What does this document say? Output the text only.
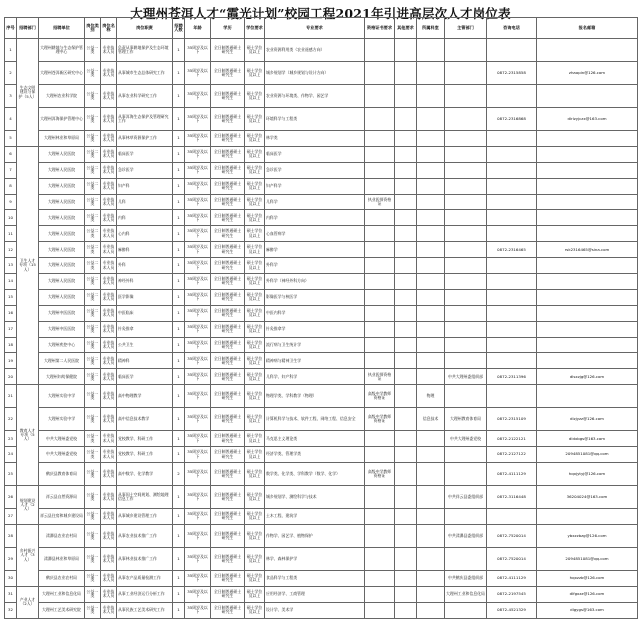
大理州苍洱人才“霞光计划”校园工程2021年引进高层次人才岗位表
序号	招聘部门	招聘单位	岗位类别	岗位名称	岗位职责	招聘人数	年龄	学历	学位要求	专业要求	资格证书要求	其他要求	所属科室	主管部门	咨询电话	报名邮箱
1	生态文明建设与保护（5人）	大理州耕地与生态保护管理中心	公益一类	专业技术人员	负责从事耕地保护及生态环境管理工作	1	35周岁及以下	全日制普通硕士研究生	硕士学位及以上	农业资源利用类（农业遥感方向）						
2		大理州苍洱新区研究中心	公益一类	专业技术人员	从事城市生态总体研究工作	1	35周岁及以下	全日制普通硕士研究生	硕士学位及以上	城乡规划学（城乡规划与设计方向）					0872-2315858	zhaopin@126.com
3		大理州农业科学院	公益一类	专业技术人员	从事农业科学研究工作	1	35周岁及以下	全日制普通硕士研究生	硕士学位及以上	农业资源与环境类、作物学、园艺学						
4		大理州洱海保护管理中心	公益一类	专业技术人员	从事洱海生态保护及管理研究工作	1	35周岁及以下	全日制普通硕士研究生	硕士学位及以上	环境科学与工程类					0872-2316868	dlrlzyjczx@163.com
5		大理州林业和草原局	公益一类	专业技术人员	从事林草资源保护工作	1	35周岁及以下	全日制普通硕士研究生	硕士学位及以上	林学类						
6	卫生人才专项（15人）	大理州人民医院	公益二类	专业技术人员	临床医学	1	35周岁及以下	全日制普通硕士研究生	硕士学位及以上	临床医学						
7		大理州人民医院	公益二类	专业技术人员	急诊医学	1	35周岁及以下	全日制普通硕士研究生	硕士学位及以上	急诊医学						
8		大理州人民医院	公益二类	专业技术人员	妇产科	1	35周岁及以下	全日制普通硕士研究生	硕士学位及以上	妇产科学						
9		大理州人民医院	公益二类	专业技术人员	儿科	1	35周岁及以下	全日制普通硕士研究生	硕士学位及以上	儿科学	执业医师资格证					
10		大理州人民医院	公益二类	专业技术人员	内科	1	35周岁及以下	全日制普通硕士研究生	硕士学位及以上	内科学						
11		大理州人民医院	公益二类	专业技术人员	心内科	1	35周岁及以下	全日制普通硕士研究生	硕士学位及以上	心血管病学						
12		大理州人民医院	公益二类	专业技术人员	麻醉科	1	35周岁及以下	全日制普通硕士研究生	硕士学位及以上	麻醉学					0872-2316465	rsk2316465@sina.com
13		大理州人民医院	公益二类	专业技术人员	外科	1	35周岁及以下	全日制普通硕士研究生	硕士学位及以上	外科学						
14		大理州人民医院	公益二类	专业技术人员	神经外科	1	35周岁及以下	全日制普通硕士研究生	硕士学位及以上	外科学（神经外科方向）						
15		大理州人民医院	公益二类	专业技术人员	医学影像	1	35周岁及以下	全日制普通硕士研究生	硕士学位及以上	影像医学与核医学						
16		大理州中医医院	公益二类	专业技术人员	中医临床	1	35周岁及以下	全日制普通硕士研究生	硕士学位及以上	中医内科学						
17		大理州中医医院	公益二类	专业技术人员	针灸推拿	1	35周岁及以下	全日制普通硕士研究生	硕士学位及以上	针灸推拿学						
18		大理州疾控中心	公益一类	专业技术人员	公共卫生	1	35周岁及以下	全日制普通硕士研究生	硕士学位及以上	流行病与卫生统计学						
19		大理州第二人民医院	公益二类	专业技术人员	精神科	1	35周岁及以下	全日制普通硕士研究生	硕士学位及以上	精神病与精神卫生学						
20		大理州妇幼保健院	公益二类	专业技术人员	临床医学	1	35周岁及以下	全日制普通硕士研究生	硕士学位及以上	儿科学、妇产科学	执业医师资格证			中共大理州委组织部	0872-2311396	dlsxzjg@126.com
21	教育人才专项（5人）	大理州实验中学	公益一类	专业技术人员	高中物理教学	1	35周岁及以下	全日制普通硕士研究生	硕士学位及以上	物理学类、学科教学（物理）	高级中学教师资格证		物理			
22		大理州实验中学	公益一类	专业技术人员	高中信息技术教学	1	35周岁及以下	全日制普通硕士研究生	硕士学位及以上	计算机科学与技术、软件工程、网络工程、信息安全	高级中学教师资格证		信息技术	大理州教育体育局	0872-2315109	dlzjyzz@126.com
23		中共大理州委党校	公益一类	专业技术人员	党校教学、科研工作	1	35周岁及以下	全日制普通硕士研究生	硕士学位及以上	马克思主义理论类				中共大理州委党校	0872-2122121	dldxbgs@163.com
24		中共大理州委党校	公益一类	专业技术人员	党校教学、科研工作	1	35周岁及以下	全日制普通硕士研究生	硕士学位及以上	经济学类、管理学类					0872-2127122	2094851081@qq.com
25		鹤庆县教育体育局	公益一类	专业技术人员	高中数学、化学教学	2	35周岁及以下	全日制普通硕士研究生	硕士学位及以上	数学类、化学类、学科教学（数学、化学）	高级中学教师资格证				0872-4111129	hqxjytyj@126.com
26	规划建设人才（2人）	祥云县自然资源局	公益一类	专业技术人员	从事国土空间规划、测绘地理信息工作	1	35周岁及以下	全日制普通硕士研究生	硕士学位及以上	城乡规划学、测绘科学与技术				中共祥云县委组织部	0872-3116448	36204024@163.com
27		祥云县住房和城乡建设局	公益一类	专业技术人员	从事城乡建设管理工作	1	35周岁及以下	全日制普通硕士研究生	硕士学位及以上	土木工程、建筑学						
28	乡村振兴人才（3人）	漾濞县农业农村局	公益一类	专业技术人员	从事农业技术推广工作	1	35周岁及以下	全日制普通硕士研究生	硕士学位及以上	作物学、园艺学、植物保护				中共漾濞县委组织部	0872-7520014	ybxzzbzg@126.com
29		漾濞县林业和草原局	公益一类	专业技术人员	从事林业技术推广工作	1	35周岁及以下	全日制普通硕士研究生	硕士学位及以上	林学、森林保护学					0872-7520014	2094851081@qq.com
30		鹤庆县农业农村局	公益一类	专业技术人员	从事农产品质量检测工作	1	35周岁及以下	全日制普通硕士研究生	硕士学位及以上	食品科学与工程类				中共鹤庆县委组织部	0872-4111129	hqxzzb@126.com
31	产业人才（2人）	大理州工业和信息化局	公益一类	专业技术人员	从事工业经济运行分析工作	1	35周岁及以下	全日制普通硕士研究生	硕士学位及以上	应用经济学、工商管理				大理州工业和信息化局	0872-2197545	dlfgxzz@126.com
32		大理州工艺美术研究院	公益一类	专业技术人员	从事民族工艺美术研究工作	1	35周岁及以下	全日制普通硕士研究生	硕士学位及以上	设计学、美术学					0872-4521329	dlgygs@163.com
